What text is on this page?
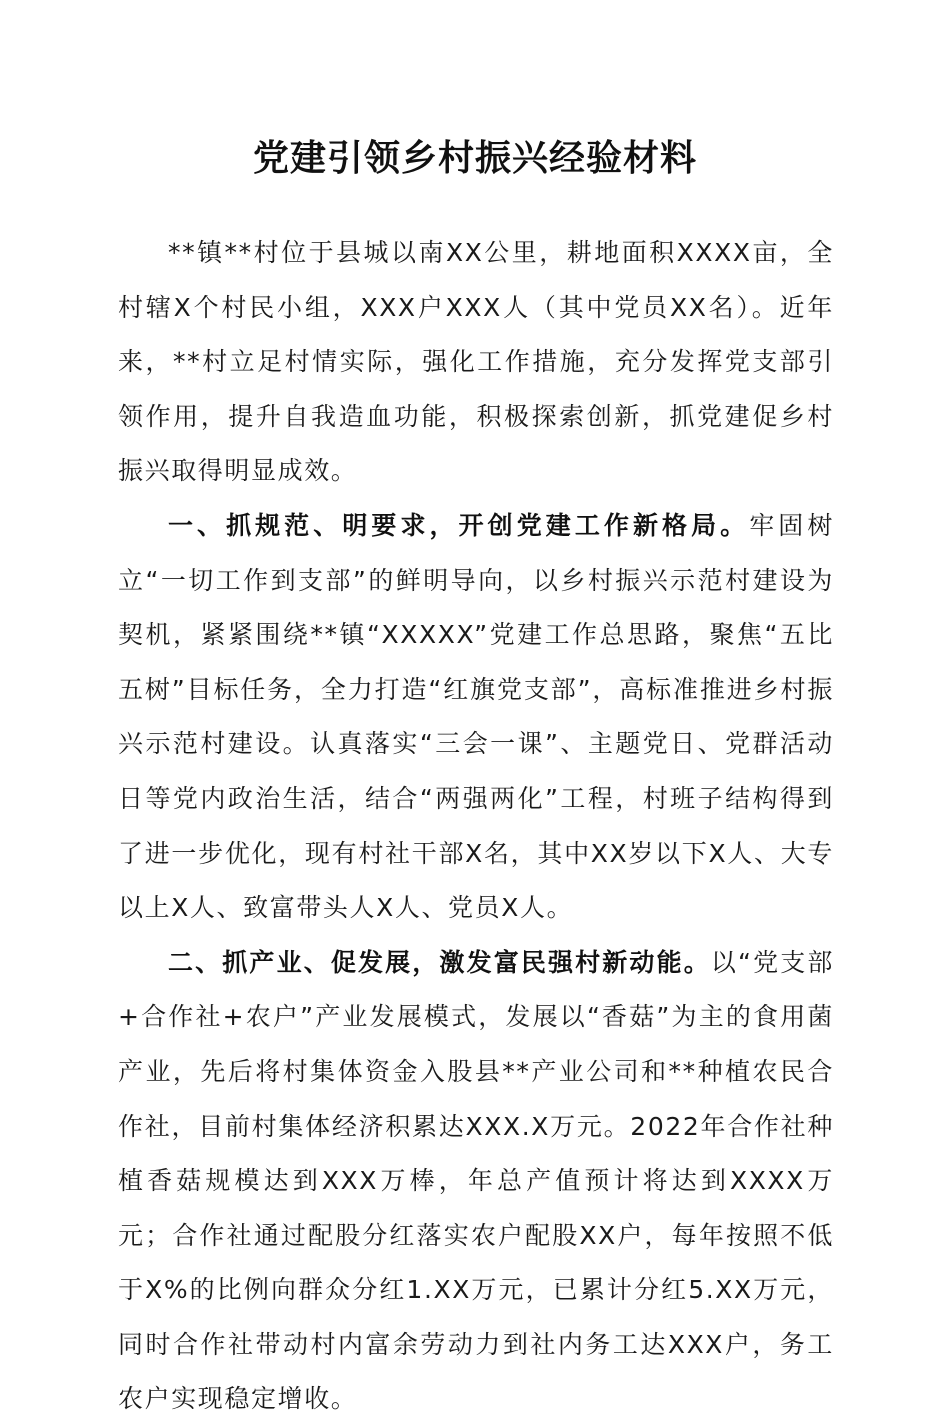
党建引领乡村振兴经验材料

**镇**村位于县城以南XX公里，耕地面积XXXX亩，全村辖X个村民小组，XXX户XXX人（其中党员XX名）。近年来，**村立足村情实际，强化工作措施，充分发挥党支部引领作用，提升自我造血功能，积极探索创新，抓党建促乡村振兴取得明显成效。

一、抓规范、明要求，开创党建工作新格局。牢固树立“一切工作到支部”的鲜明导向，以乡村振兴示范村建设为契机，紧紧围绕**镇“XXXXX”党建工作总思路，聚焦“五比五树”目标任务，全力打造“红旗党支部”，高标准推进乡村振兴示范村建设。认真落实“三会一课”、主题党日、党群活动日等党内政治生活，结合“两强两化”工程，村班子结构得到了进一步优化，现有村社干部X名，其中XX岁以下X人、大专以上X人、致富带头人X人、党员X人。

二、抓产业、促发展，激发富民强村新动能。以“党支部+合作社+农户”产业发展模式，发展以“香菇”为主的食用菌产业，先后将村集体资金入股县**产业公司和**种植农民合作社，目前村集体经济积累达XXX.X万元。2022年合作社种植香菇规模达到XXX万棒，年总产值预计将达到XXXX万元；合作社通过配股分红落实农户配股XX户，每年按照不低于X%的比例向群众分红1.XX万元，已累计分红5.XX万元，同时合作社带动村内富余劳动力到社内务工达XXX户，务工农户实现稳定增收。
